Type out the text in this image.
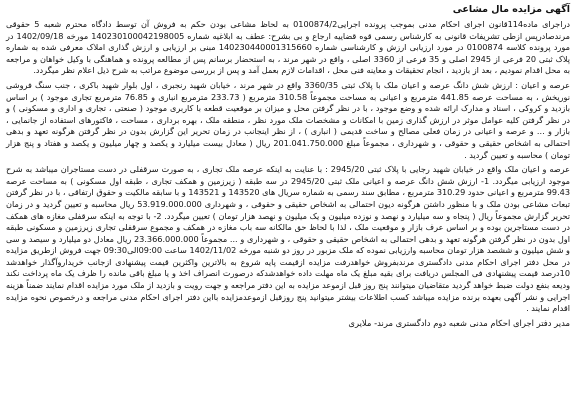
آگهی مزایده مال مشاعی

دراجرای ماده114قانون اجرای احکام مدنی بموجب پرونده اجرایی0100874/2 به لحاظ مشاعی بودن حکم به فروش آن توسط دادگاه محترم شعبه 5 حقوقی مرندصادرپس ازطی تشریفات قانونی به کارشناس رسمی قوه قضاییه ارجاع و بی بشرح: عطف به ابلاغیه شماره 140230100042198005 مورخه 1402/09/18 در مورد پرونده کلاسه 0100874 در مورد ارزیابی ارزش و کارشناسی شماره 140230440001315660 مبنی بر ارزیابی و ارزش گذاری املاک معرفی شده به شماره پلاک ثبتی 20 فرعی از 2945 اصلی و 35 فرعی از 3360 اصلی ، واقع در شهر مرند ، به استحضار برسانم پس از مطالعه پرونده و هماهنگی با وکیل خواهان و مراجعه به محل اقدام نمودیم ، بعد از بازدید ، انجام تحقیقات و معاینه فنی محل ، اقدامات لازم بعمل آمد و پس از بررسی موضوع مراتب به شرح ذیل اعلام نظر میگردد.

عرصه و اعیان : ارزش شش دانگ عرصه و اعیان ملک با پلاک ثبتی 3360/35 واقع در شهر مرند ، خیابان شهید رنجبری ، اول بلوار شهید باکری ، جنب سنگ فروشی نوریخش ، به مساحت عرصه 441.85 مترمربع و اعیانی به مساحت مجموعاً 310.58 مترمربع ( 233.73 مترمربع انباری و 76.85 مترمربع تجاری موجود ) بر اساس بازدید و کروکی ، اسناد و مدارک ارائه شده و وضع موجود ، با در نظر گرفتن محل و میزان بر موقعیت قطعه با کاربری موجود ( صنعتی ، تجاری و اداری و مسکونی ) و در نظر گرفتن کلیه عوامل موثر در ارزش گذاری زمین با امکانات و مشخصات ملک مورد نظر ، منطقه ملک ، بهره برداری ، مساحت ، فاکتورهای استفاده از جانمایی ، بازار و ... و عرصه و اعیانی در زمان فعلی مصالح و ساخت قدیمی ( انباری ) ، از نظر اینجانب در زمان تحریر این گزارش بدون در نظر گرفتن هرگونه تعهد و بدهی احتمالی به اشخاص حقیقی و حقوقی ، و شهرداری ، مجموعاً مبلغ 201.041.750.000 ریال ( معادل بیست میلیارد و یکصد و چهار میلیون و یکصد و هفتاد و پنج هزار تومان ) محاسبه و تعیین گردید .

عرصه و اعیان ملک واقع در خیابان شهید رجایی با پلاک ثبتی 2945/20 : با عنایت به اینکه عرصه ملک تجاری ، به صورت سرقفلی در دست مستاجران میباشد به شرح موجود ارزیابی میگردد. 1- ارزش شش دانگ عرصه و اعیانی ملک ثبتی 2945/20 در سه طبقه ( زیرزمین و همکف تجاری ، طبقه اول مسکونی ) به مساحت عرصه 99.43 مترمربع و اعیانی حدود 310.29 مترمربع ، مطابق سند رسمی به شماره سریال های 143520 و 143521 و با سابقه مالکیت و حقوق ارتفاقی ، با در نظر گرفتن تبعات مشاعی بودن ملک و با منظور داشتن هرگونه دیون احتمالی به اشخاص حقیقی و حقوقی ، و شهرداری 53.919.000.000 ریال محاسبه و تعیین گردید و در زمان تحریر گزارش مجموعاً ریال ( پنجاه و سه میلیارد و نهصد و نوزده میلیون و یک میلیون و نهصد هزار تومان ) تعیین میگردد. 2- با توجه به اینکه سرقفلی مغازه های همکف در دست مستاجرین بوده و بر اساس عرف بازار و موقعیت ملک ، لذا با لحاظ حق مالکانه سه باب مغازه در همکف و مجموع سرقفلی تجاری زیرزمین و مسکونی طبقه اول بدون در نظر گرفتن هرگونه تعهد و بدهی احتمالی به اشخاص حقیقی و حقوقی ، و شهرداری و ... مجموعاً 23.366.000.000 ریال معادل دو میلیارد و سیصد و سی و شش میلیون و ششصد هزار تومان محاسبه وارزیابی نموده که ملک مزبور در روز دو شنبه مورخه 1402/11/02 ساعت 09:00الی09:30 جهت فروش ازطریق مزایده در محل دفتر اجرای احکام مدنی دادگستری مرندبفروش خواهدرفت مزایده ازقیمت پایه شروع به بالاترین واکثرین قیمت پیشنهادی ازجانب خریداروآگذار خواهدشد 10درصد قیمت پیشنهادی فی المجلس دریافت برای بقیه مبلغ یک ماه مهلت داده خواهدشدکه درصورت انصراف اخذ و یا مبلغ باقی مانده را ظرف یک ماه پرداخت نکند ودیعه بنفع دولت ضبط خواهد گردید متقاضیان میتوانند پنج روز قبل ازموعد مزایده به این دفتر مراجعه و جهت رویت و بازدید از ملک مورد مزایده اقدام نمایند ضمناً هزینه اجرایی و نشر آگهی بعهده برنده مزایده میباشد کسب اطلاعات بیشتر میتوانید پنج روزقبل ازموعدمزایده بااین دفتر اجرای احکام مدنی مراجعه و درخصوص نحوه مزایده اقدام نمایند .

مدیر دفتر اجرای احکام مدنی شعبه دوم دادگستری مرند- ملایری
